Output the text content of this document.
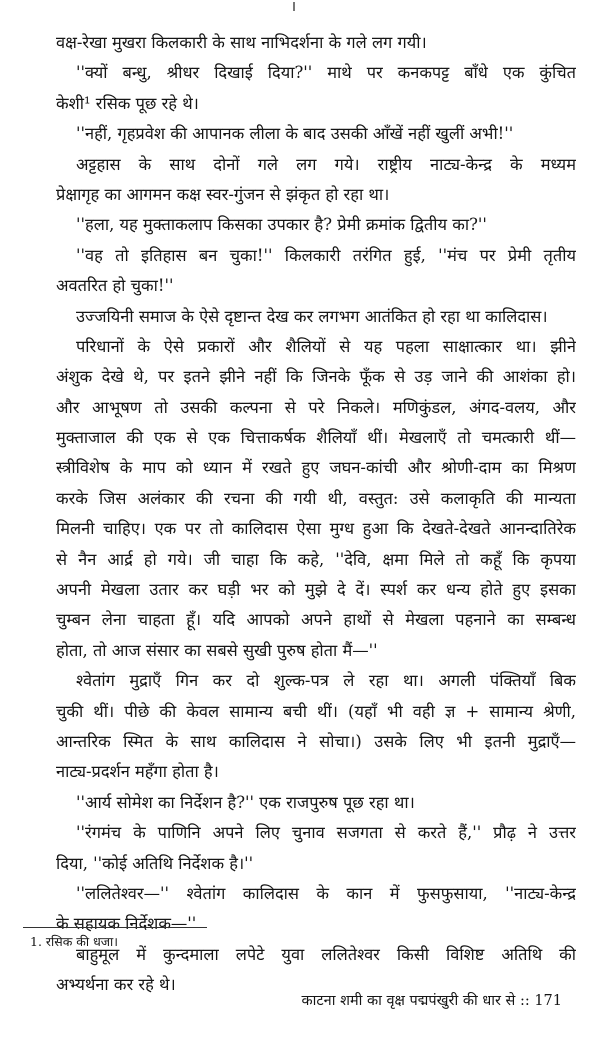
वक्ष-रेखा मुखरा किलकारी के साथ नाभिदर्शना के गले लग गयी।
''क्यों बन्धु, श्रीधर दिखाई दिया?'' माथे पर कनकपट्ट बाँधे एक कुंचित
केशी¹ रसिक पूछ रहे थे।
''नहीं, गृहप्रवेश की आपानक लीला के बाद उसकी आँखें नहीं खुलीं अभी!''
अट्टहास के साथ दोनों गले लग गये। राष्ट्रीय नाट्य-केन्द्र के मध्यम
प्रेक्षागृह का आगमन कक्ष स्वर-गुंजन से झंकृत हो रहा था।
''हला, यह मुक्ताकलाप किसका उपकार है? प्रेमी क्रमांक द्वितीय का?''
''वह तो इतिहास बन चुका!'' किलकारी तरंगित हुई, ''मंच पर प्रेमी तृतीय
अवतरित हो चुका!''
उज्जयिनी समाज के ऐसे दृष्टान्त देख कर लगभग आतंकित हो रहा था कालिदास।
परिधानों के ऐसे प्रकारों और शैलियों से यह पहला साक्षात्कार था। झीने
अंशुक देखे थे, पर इतने झीने नहीं कि जिनके फूँक से उड़ जाने की आशंका हो।
और आभूषण तो उसकी कल्पना से परे निकले। मणिकुंडल, अंगद-वलय, और
मुक्ताजाल की एक से एक चित्ताकर्षक शैलियाँ थीं। मेखलाएँ तो चमत्कारी थीं—
स्त्रीविशेष के माप को ध्यान में रखते हुए जघन-कांची और श्रोणी-दाम का मिश्रण
करके जिस अलंकार की रचना की गयी थी, वस्तुत: उसे कलाकृति की मान्यता
मिलनी चाहिए। एक पर तो कालिदास ऐसा मुग्ध हुआ कि देखते-देखते आनन्दातिरेक
से नैन आर्द्र हो गये। जी चाहा कि कहे, ''देवि, क्षमा मिले तो कहूँ कि कृपया
अपनी मेखला उतार कर घड़ी भर को मुझे दे दें। स्पर्श कर धन्य होते हुए इसका
चुम्बन लेना चाहता हूँ। यदि आपको अपने हाथों से मेखला पहनाने का सम्बन्ध
होता, तो आज संसार का सबसे सुखी पुरुष होता मैं—''
श्वेतांग मुद्राएँ गिन कर दो शुल्क-पत्र ले रहा था। अगली पंक्तियाँ बिक
चुकी थीं। पीछे की केवल सामान्य बची थीं। (यहाँ भी वही ज्ञ + सामान्य श्रेणी,
आन्तरिक स्मित के साथ कालिदास ने सोचा।) उसके लिए भी इतनी मुद्राएँ—
नाट्य-प्रदर्शन महँगा होता है।
''आर्य सोमेश का निर्देशन है?'' एक राजपुरुष पूछ रहा था।
''रंगमंच के पाणिनि अपने लिए चुनाव सजगता से करते हैं,'' प्रौढ़ ने उत्तर
दिया, ''कोई अतिथि निर्देशक है।''
''ललितेश्वर—'' श्वेतांग कालिदास के कान में फुसफुसाया, ''नाट्य-केन्द्र
के सहायक निर्देशक—''
बाहुमूल में कुन्दमाला लपेटे युवा ललितेश्वर किसी विशिष्ट अतिथि की
अभ्यर्थना कर रहे थे।
1. रसिक की धजा।
काटना शमी का वृक्ष पद्मपंखुरी की धार से :: 171
